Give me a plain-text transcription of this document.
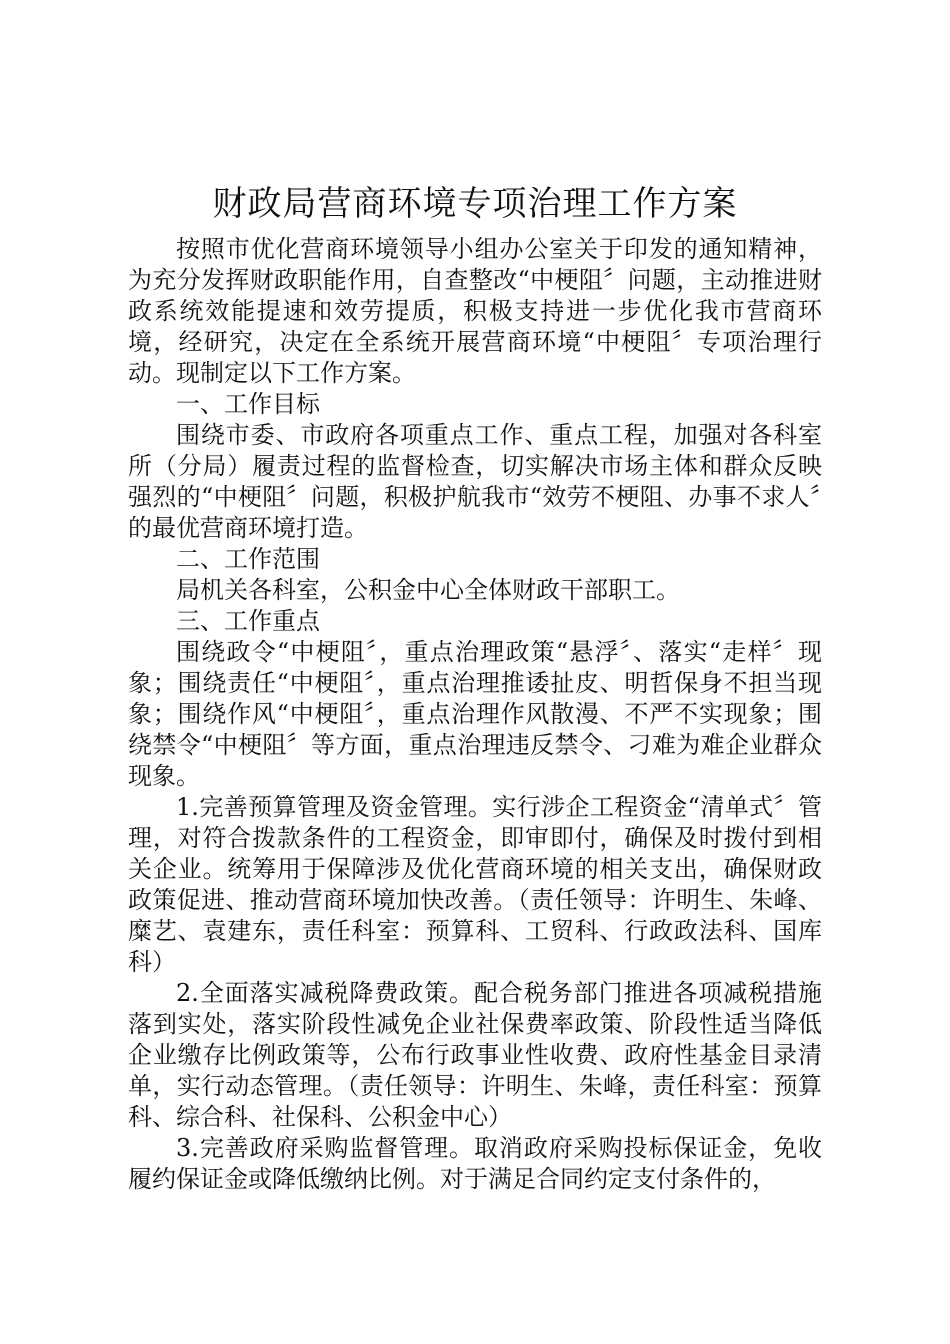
财政局营商环境专项治理工作方案

按照市优化营商环境领导小组办公室关于印发的通知精神，为充分发挥财政职能作用，自查整改“中梗阻〞问题，主动推进财政系统效能提速和效劳提质，积极支持进一步优化我市营商环境，经研究，决定在全系统开展营商环境“中梗阻〞专项治理行动。现制定以下工作方案。

一、工作目标

围绕市委、市政府各项重点工作、重点工程，加强对各科室所（分局）履责过程的监督检查，切实解决市场主体和群众反映强烈的“中梗阻〞问题，积极护航我市“效劳不梗阻、办事不求人〞的最优营商环境打造。

二、工作范围

局机关各科室，公积金中心全体财政干部职工。

三、工作重点

围绕政令“中梗阻〞，重点治理政策“悬浮〞、落实“走样〞现象；围绕责任“中梗阻〞，重点治理推诿扯皮、明哲保身不担当现象；围绕作风“中梗阻〞，重点治理作风散漫、不严不实现象；围绕禁令“中梗阻〞等方面，重点治理违反禁令、刁难为难企业群众现象。

1.完善预算管理及资金管理。实行涉企工程资金“清单式〞管理，对符合拨款条件的工程资金，即审即付，确保及时拨付到相关企业。统筹用于保障涉及优化营商环境的相关支出，确保财政政策促进、推动营商环境加快改善。（责任领导：许明生、朱峰、糜艺、袁建东，责任科室：预算科、工贸科、行政政法科、国库科）

2.全面落实减税降费政策。配合税务部门推进各项减税措施落到实处，落实阶段性减免企业社保费率政策、阶段性适当降低企业缴存比例政策等，公布行政事业性收费、政府性基金目录清单，实行动态管理。（责任领导：许明生、朱峰，责任科室：预算科、综合科、社保科、公积金中心）

3.完善政府采购监督管理。取消政府采购投标保证金，免收履约保证金或降低缴纳比例。对于满足合同约定支付条件的，
